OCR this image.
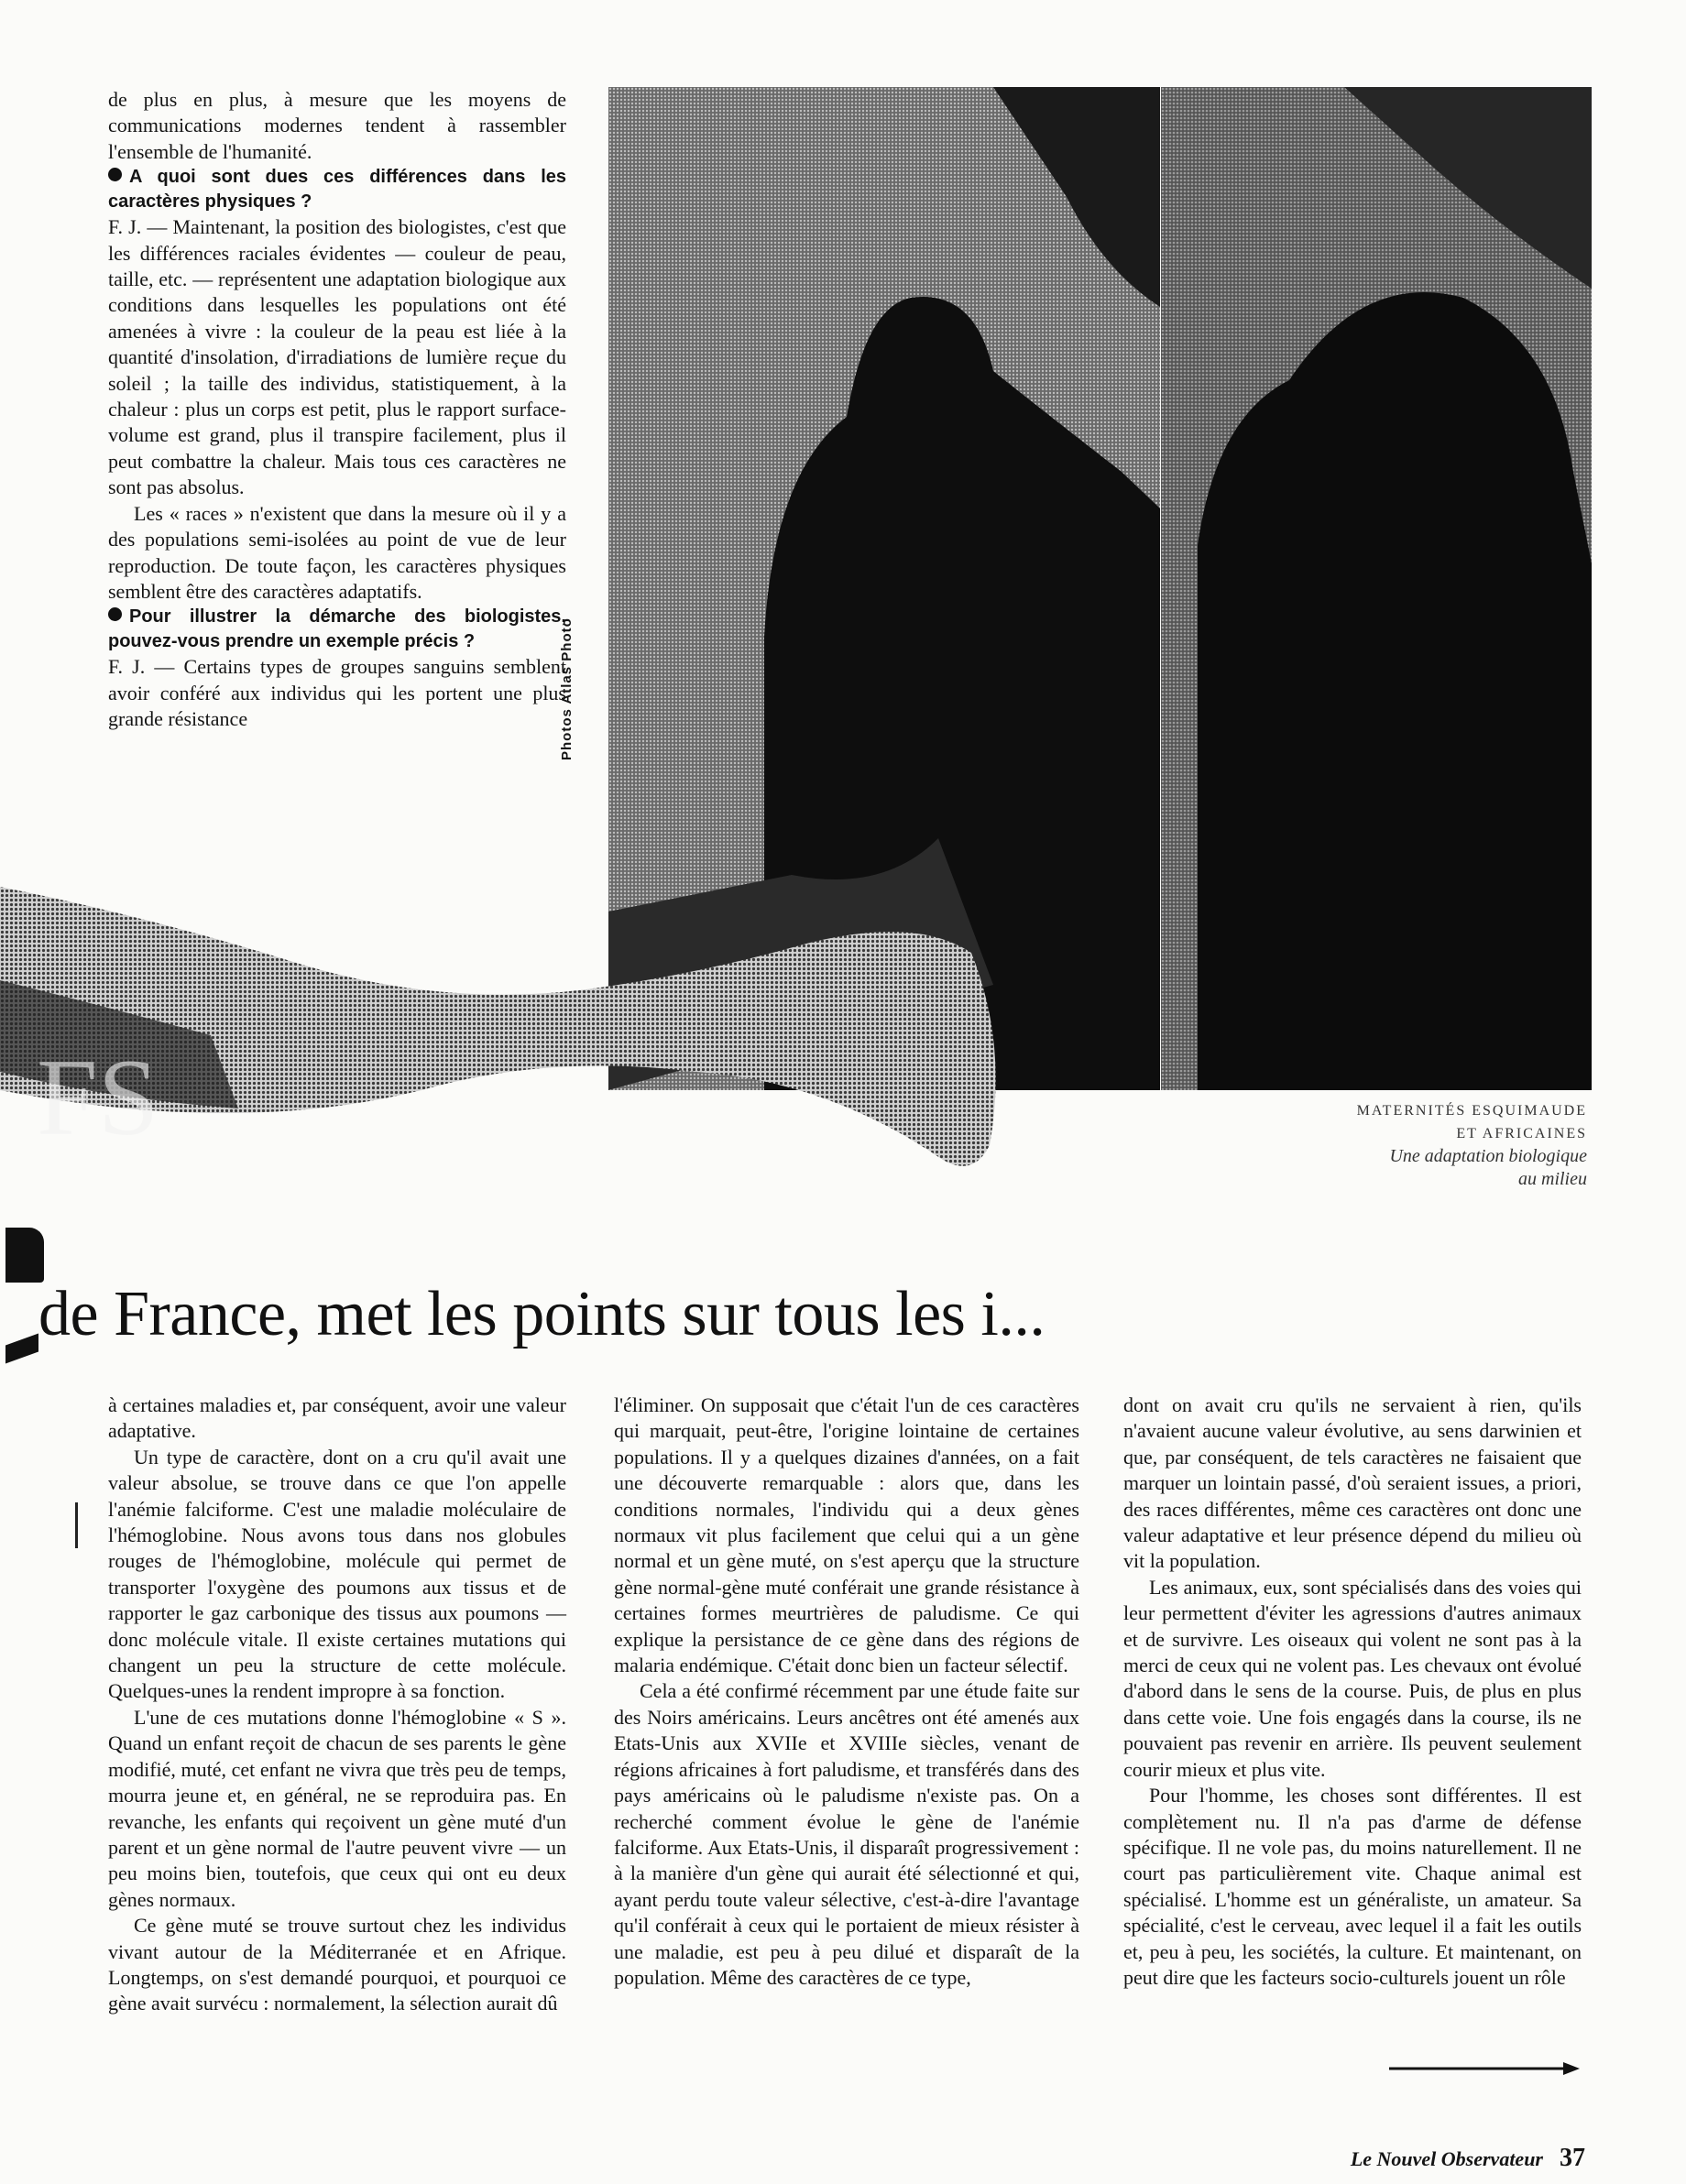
de plus en plus, à mesure que les moyens de communications modernes tendent à rassembler l'ensemble de l'humanité.

A quoi sont dues ces différences dans les caractères physiques ?

F. J. — Maintenant, la position des biologistes, c'est que les différences raciales évidentes — couleur de peau, taille, etc. — représentent une adaptation biologique aux conditions dans lesquelles les populations ont été amenées à vivre : la couleur de la peau est liée à la quantité d'insolation, d'irradiations de lumière reçue du soleil ; la taille des individus, statistiquement, à la chaleur : plus un corps est petit, plus le rapport surface-volume est grand, plus il transpire facilement, plus il peut combattre la chaleur. Mais tous ces caractères ne sont pas absolus.

Les « races » n'existent que dans la mesure où il y a des populations semi-isolées au point de vue de leur reproduction. De toute façon, les caractères physiques semblent être des caractères adaptatifs.

Pour illustrer la démarche des biologistes, pouvez-vous prendre un exemple précis ?

F. J. — Certains types de groupes sanguins semblent avoir conféré aux individus qui les portent une plus grande résistance	Photos Atlas Photo
FS	MATERNITÉS ESQUIMAUDE
ET AFRICAINES
Une adaptation biologique
au milieu
de France, met les points sur tous les i...

à certaines maladies et, par conséquent, avoir une valeur adaptative.

Un type de caractère, dont on a cru qu'il avait une valeur absolue, se trouve dans ce que l'on appelle l'anémie falciforme. C'est une maladie moléculaire de l'hémoglobine. Nous avons tous dans nos globules rouges de l'hémoglobine, molécule qui permet de transporter l'oxygène des poumons aux tissus et de rapporter le gaz carbonique des tissus aux poumons — donc molécule vitale. Il existe certaines mutations qui changent un peu la structure de cette molécule. Quelques-unes la rendent impropre à sa fonction.

L'une de ces mutations donne l'hémoglobine « S ». Quand un enfant reçoit de chacun de ses parents le gène modifié, muté, cet enfant ne vivra que très peu de temps, mourra jeune et, en général, ne se reproduira pas. En revanche, les enfants qui reçoivent un gène muté d'un parent et un gène normal de l'autre peuvent vivre — un peu moins bien, toutefois, que ceux qui ont eu deux gènes normaux.

Ce gène muté se trouve surtout chez les individus vivant autour de la Méditerranée et en Afrique. Longtemps, on s'est demandé pourquoi, et pourquoi ce gène avait survécu : normalement, la sélection aurait dû

l'éliminer. On supposait que c'était l'un de ces caractères qui marquait, peut-être, l'origine lointaine de certaines populations. Il y a quelques dizaines d'années, on a fait une découverte remarquable : alors que, dans les conditions normales, l'individu qui a deux gènes normaux vit plus facilement que celui qui a un gène normal et un gène muté, on s'est aperçu que la structure gène normal-gène muté conférait une grande résistance à certaines formes meurtrières de paludisme. Ce qui explique la persistance de ce gène dans des régions de malaria endémique. C'était donc bien un facteur sélectif.

Cela a été confirmé récemment par une étude faite sur des Noirs américains. Leurs ancêtres ont été amenés aux Etats-Unis aux XVIIe et XVIIIe siècles, venant de régions africaines à fort paludisme, et transférés dans des pays américains où le paludisme n'existe pas. On a recherché comment évolue le gène de l'anémie falciforme. Aux Etats-Unis, il disparaît progressivement : à la manière d'un gène qui aurait été sélectionné et qui, ayant perdu toute valeur sélective, c'est-à-dire l'avantage qu'il conférait à ceux qui le portaient de mieux résister à une maladie, est peu à peu dilué et disparaît de la population. Même des caractères de ce type,

dont on avait cru qu'ils ne servaient à rien, qu'ils n'avaient aucune valeur évolutive, au sens darwinien et que, par conséquent, de tels caractères ne faisaient que marquer un lointain passé, d'où seraient issues, a priori, des races différentes, même ces caractères ont donc une valeur adaptative et leur présence dépend du milieu où vit la population.

Les animaux, eux, sont spécialisés dans des voies qui leur permettent d'éviter les agressions d'autres animaux et de survivre. Les oiseaux qui volent ne sont pas à la merci de ceux qui ne volent pas. Les chevaux ont évolué d'abord dans le sens de la course. Puis, de plus en plus dans cette voie. Une fois engagés dans la course, ils ne pouvaient pas revenir en arrière. Ils peuvent seulement courir mieux et plus vite.

Pour l'homme, les choses sont différentes. Il est complètement nu. Il n'a pas d'arme de défense spécifique. Il ne vole pas, du moins naturellement. Il ne court pas particulièrement vite. Chaque animal est spécialisé. L'homme est un généraliste, un amateur. Sa spécialité, c'est le cerveau, avec lequel il a fait les outils et, peu à peu, les sociétés, la culture. Et maintenant, on peut dire que les facteurs socio-culturels jouent un rôle

Le Nouvel Observateur 37
